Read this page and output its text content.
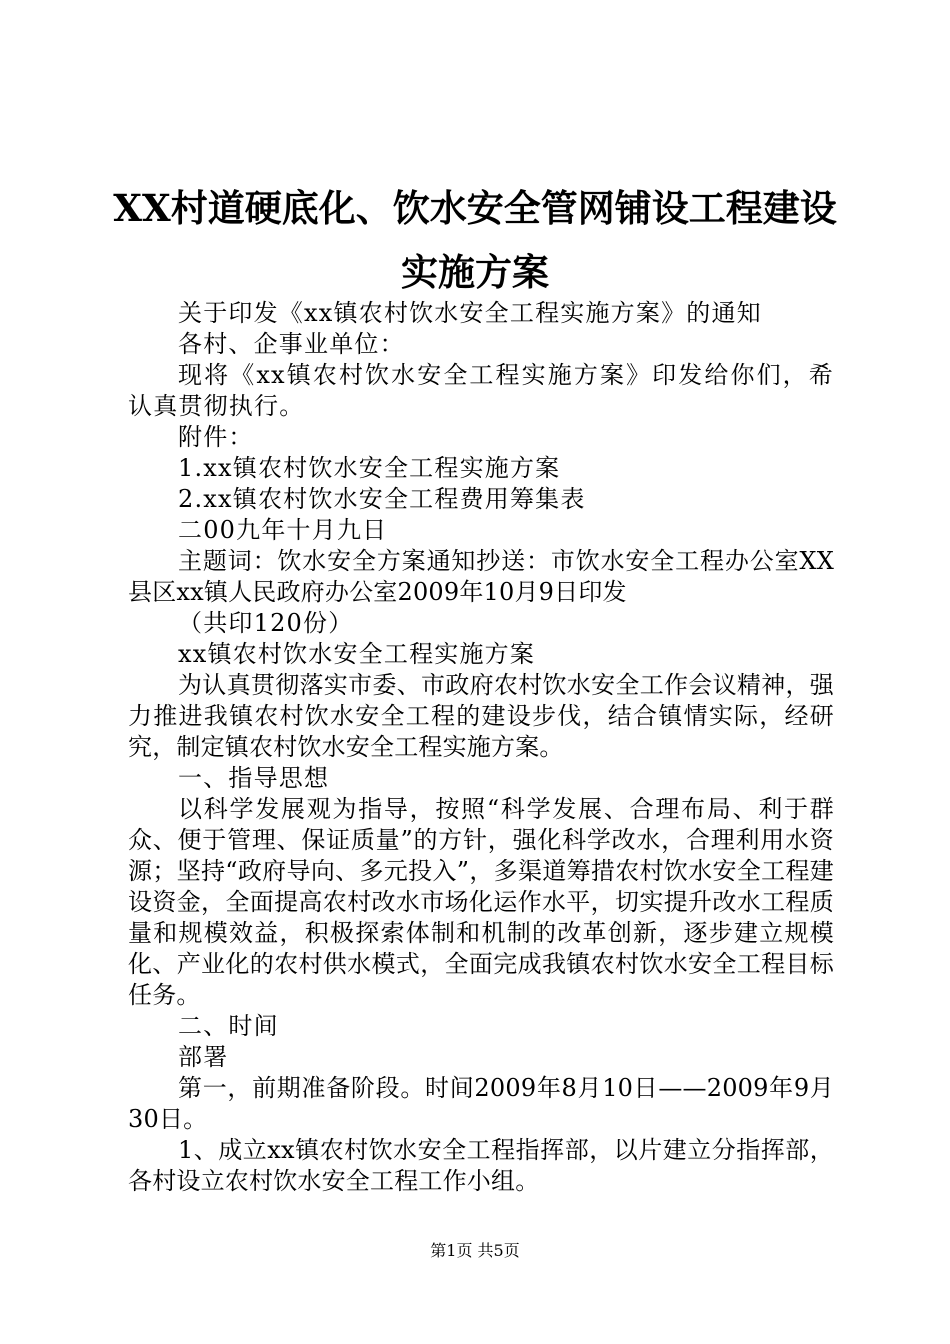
XX村道硬底化、饮水安全管网铺设工程建设
实施方案

关于印发《xx镇农村饮水安全工程实施方案》的通知

各村、企事业单位：

现将《xx镇农村饮水安全工程实施方案》印发给你们，希认真贯彻执行。

附件：

1.xx镇农村饮水安全工程实施方案

2.xx镇农村饮水安全工程费用筹集表

二00九年十月九日

主题词：饮水安全方案通知抄送：市饮水安全工程办公室XX县区xx镇人民政府办公室2009年10月9日印发

（共印120份）

xx镇农村饮水安全工程实施方案

为认真贯彻落实市委、市政府农村饮水安全工作会议精神，强力推进我镇农村饮水安全工程的建设步伐，结合镇情实际，经研究，制定镇农村饮水安全工程实施方案。

一、指导思想

以科学发展观为指导，按照“科学发展、合理布局、利于群众、便于管理、保证质量”的方针，强化科学改水，合理利用水资源；坚持“政府导向、多元投入”，多渠道筹措农村饮水安全工程建设资金，全面提高农村改水市场化运作水平，切实提升改水工程质量和规模效益，积极探索体制和机制的改革创新，逐步建立规模化、产业化的农村供水模式，全面完成我镇农村饮水安全工程目标任务。

二、时间

部署

第一，前期准备阶段。时间2009年8月10日——2009年9月30日。

1、成立xx镇农村饮水安全工程指挥部，以片建立分指挥部，各村设立农村饮水安全工程工作小组。

第1页 共5页
